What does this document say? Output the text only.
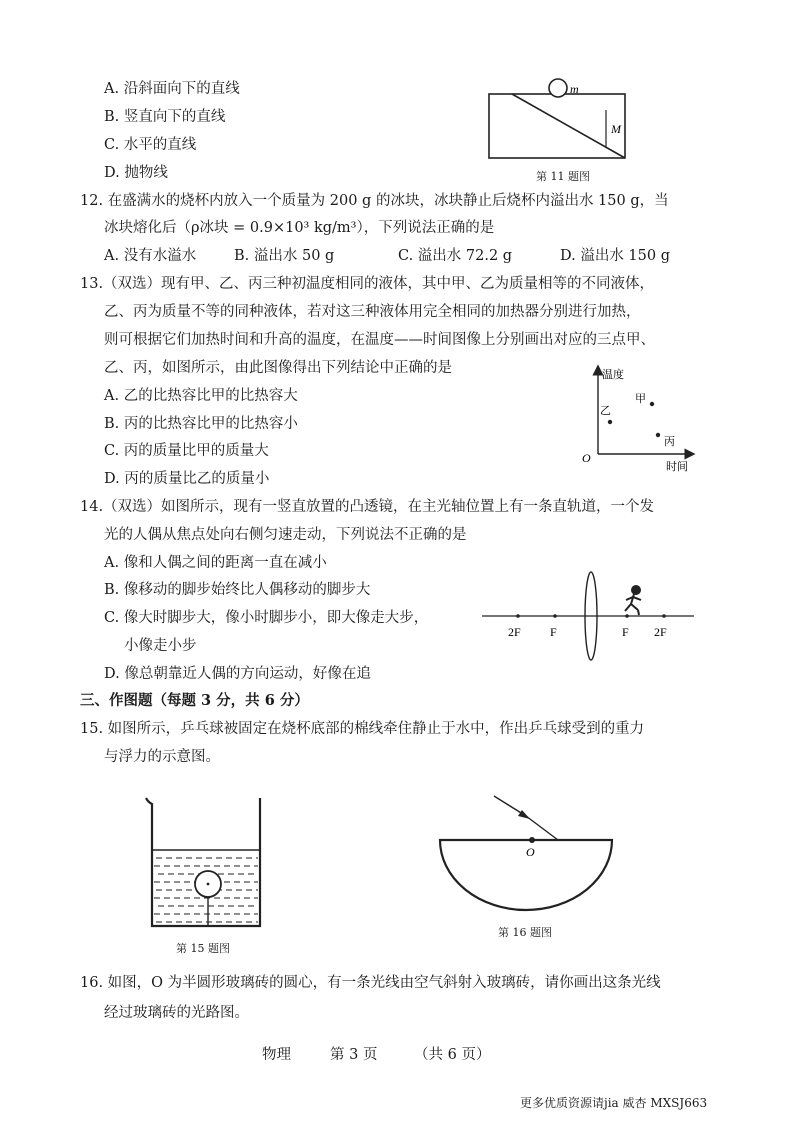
A. 沿斜面向下的直线
B. 竖直向下的直线
C. 水平的直线
D. 抛物线
m
M
第 11 题图
12. 在盛满水的烧杯内放入一个质量为 200 g 的冰块，冰块静止后烧杯内溢出水 150 g，当
冰块熔化后（ρ冰块 = 0.9×10³ kg/m³），下列说法正确的是
A. 没有水溢水	B. 溢出水 50 g	C. 溢出水 72.2 g	D. 溢出水 150 g
13.（双选）现有甲、乙、丙三种初温度相同的液体，其中甲、乙为质量相等的不同液体，
乙、丙为质量不等的同种液体，若对这三种液体用完全相同的加热器分别进行加热，
则可根据它们加热时间和升高的温度，在温度——时间图像上分别画出对应的三点甲、
乙、丙，如图所示，由此图像得出下列结论中正确的是
A. 乙的比热容比甲的比热容大
B. 丙的比热容比甲的比热容小
C. 丙的质量比甲的质量大
D. 丙的质量比乙的质量小
温度
时间
O
甲
乙
丙
14.（双选）如图所示，现有一竖直放置的凸透镜，在主光轴位置上有一条直轨道，一个发
光的人偶从焦点处向右侧匀速走动，下列说法不正确的是
A. 像和人偶之间的距离一直在减小
B. 像移动的脚步始终比人偶移动的脚步大
C. 像大时脚步大，像小时脚步小，即大像走大步，
小像走小步
D. 像总朝靠近人偶的方向运动，好像在追
2F F	F 2F
三、作图题（每题 3 分，共 6 分）
15. 如图所示，乒乓球被固定在烧杯底部的棉线牵住静止于水中，作出乒乓球受到的重力
与浮力的示意图。
第 15 题图
O
第 16 题图
16. 如图，O 为半圆形玻璃砖的圆心，有一条光线由空气斜射入玻璃砖，请你画出这条光线
经过玻璃砖的光路图。
物理	第 3 页	（共 6 页）
更多优质资源请jia 威杏 MXSJ663
